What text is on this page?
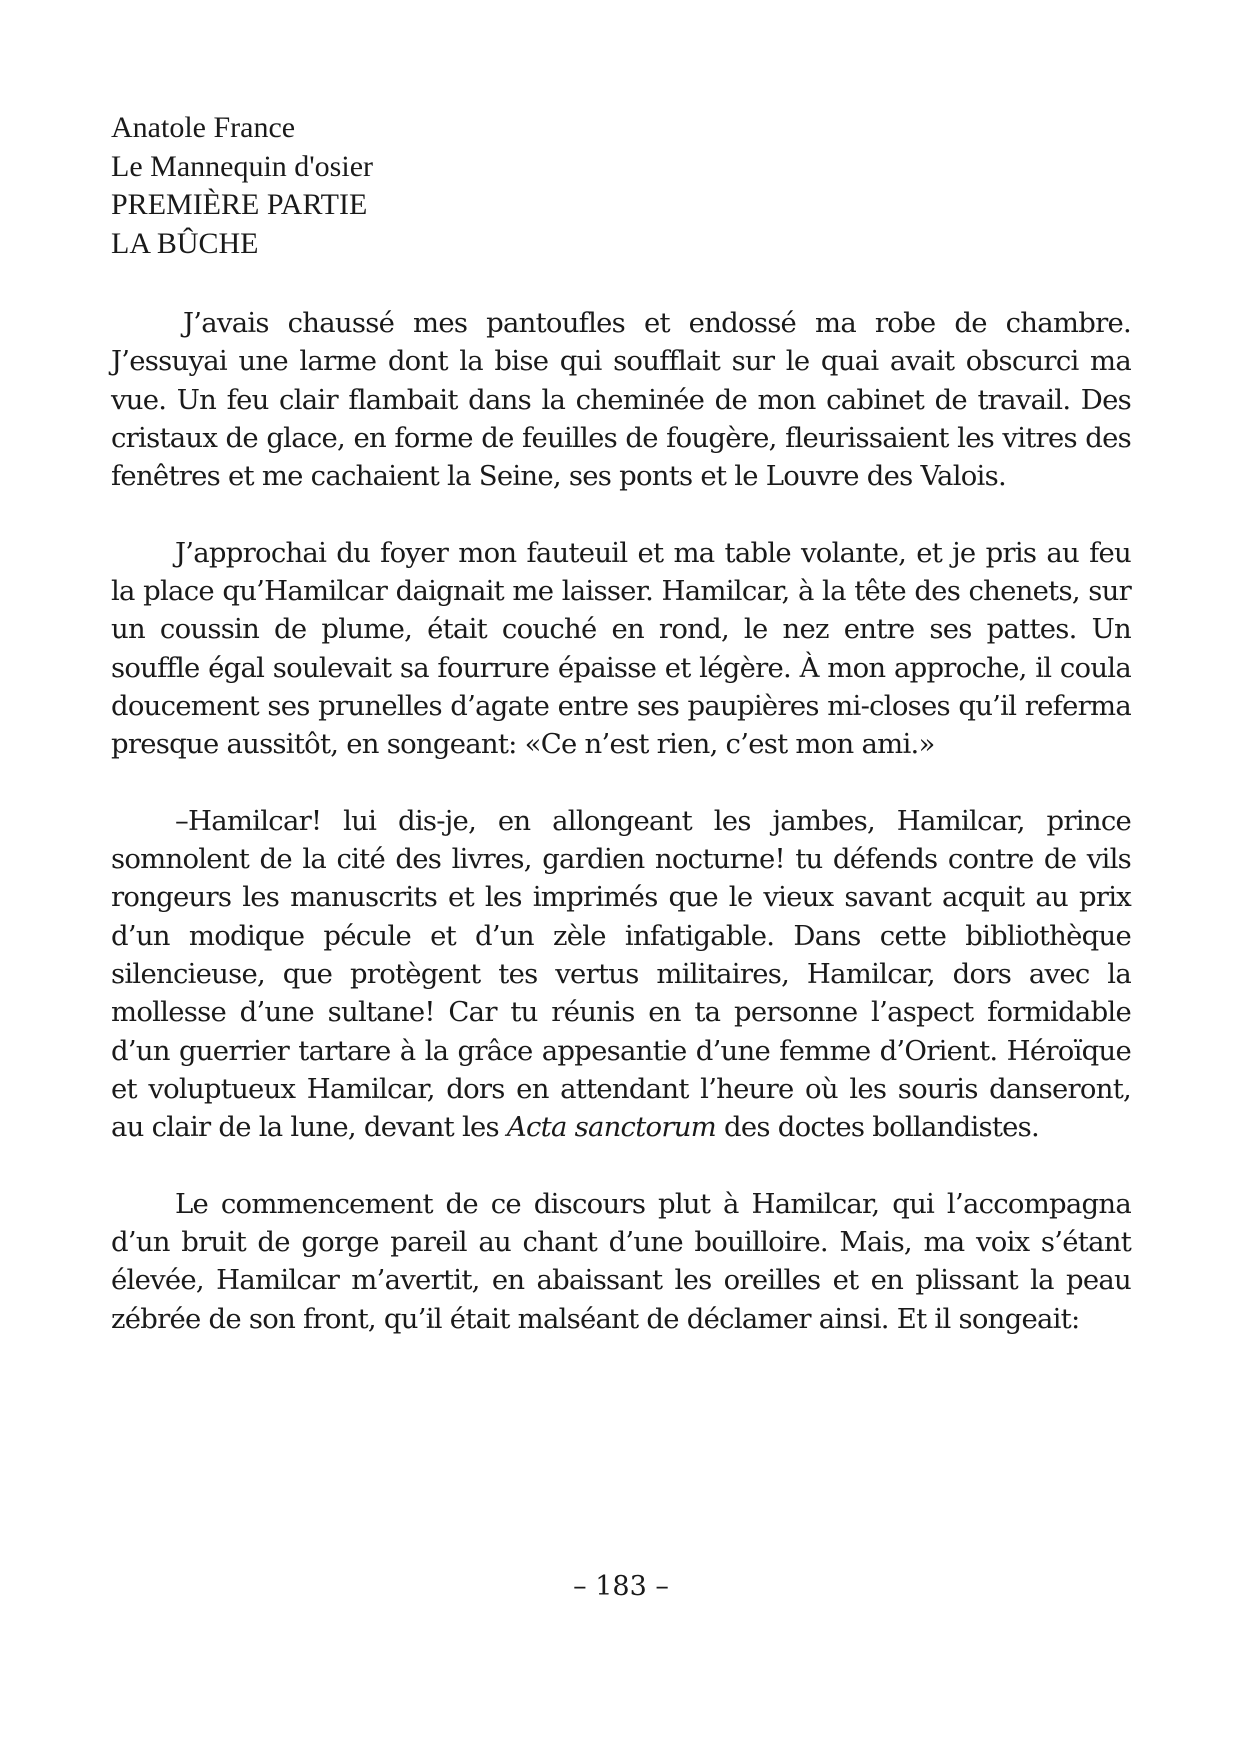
Anatole France
Le Mannequin d'osier
PREMIÈRE PARTIE
LA BÛCHE

J’avais chaussé mes pantoufles et endossé ma robe de chambre. J’essuyai une larme dont la bise qui soufflait sur le quai avait obscurci ma vue. Un feu clair flambait dans la cheminée de mon cabinet de travail. Des cristaux de glace, en forme de feuilles de fougère, fleurissaient les vitres des fenêtres et me cachaient la Seine, ses ponts et le Louvre des Valois.

J’approchai du foyer mon fauteuil et ma table volante, et je pris au feu la place qu’Hamilcar daignait me laisser. Hamilcar, à la tête des chenets, sur un coussin de plume, était couché en rond, le nez entre ses pattes. Un souffle égal soulevait sa fourrure épaisse et légère. À mon approche, il coula doucement ses prunelles d’agate entre ses paupières mi-closes qu’il referma presque aussitôt, en songeant: «Ce n’est rien, c’est mon ami.»

–Hamilcar! lui dis-je, en allongeant les jambes, Hamilcar, prince somnolent de la cité des livres, gardien nocturne! tu défends contre de vils rongeurs les manuscrits et les imprimés que le vieux savant acquit au prix d’un modique pécule et d’un zèle infatigable. Dans cette bibliothèque silencieuse, que protègent tes vertus militaires, Hamilcar, dors avec la mollesse d’une sultane! Car tu réunis en ta personne l’aspect formidable d’un guerrier tartare à la grâce appesantie d’une femme d’Orient. Héroïque et voluptueux Hamilcar, dors en attendant l’heure où les souris danseront, au clair de la lune, devant les Acta sanctorum des doctes bollandistes.

Le commencement de ce discours plut à Hamilcar, qui l’accompagna d’un bruit de gorge pareil au chant d’une bouilloire. Mais, ma voix s’étant élevée, Hamilcar m’avertit, en abaissant les oreilles et en plissant la peau zébrée de son front, qu’il était malséant de déclamer ainsi. Et il songeait:

– 183 –
